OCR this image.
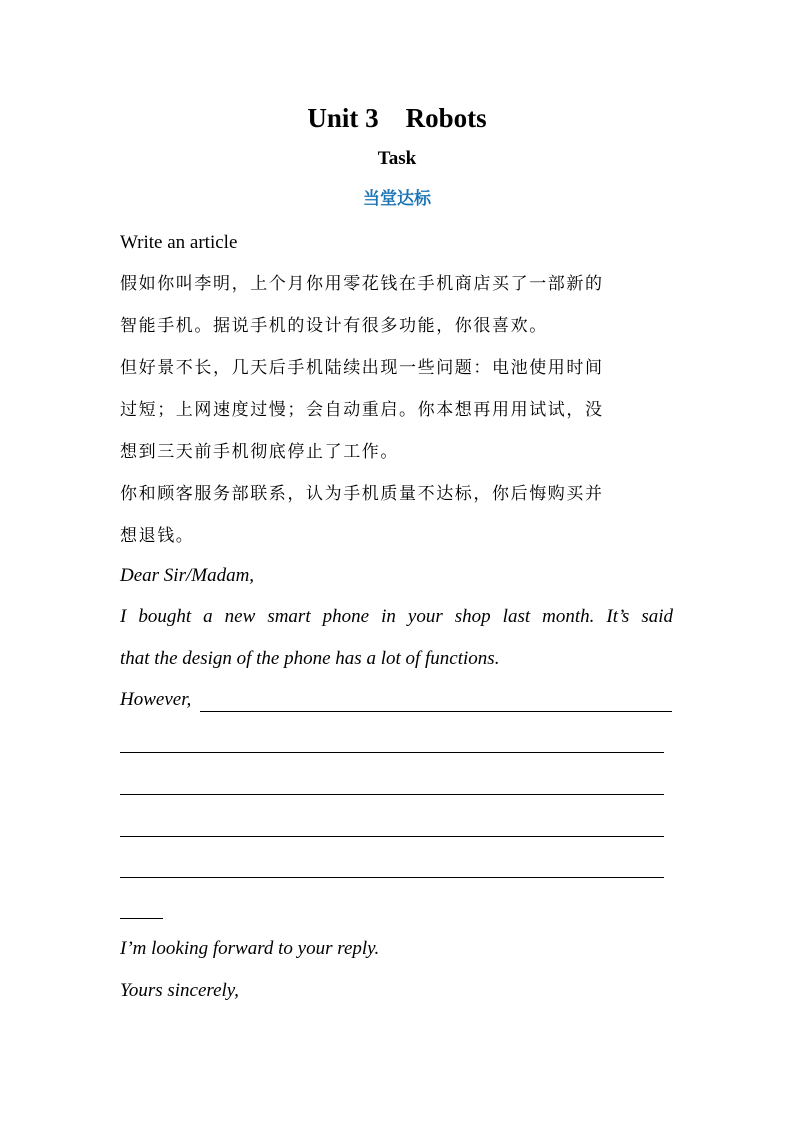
Unit 3    Robots
Task
当堂达标
Write an article
假如你叫李明，上个月你用零花钱在手机商店买了一部新的
智能手机。据说手机的设计有很多功能，你很喜欢。
但好景不长，几天后手机陆续出现一些问题：电池使用时间
过短；上网速度过慢；会自动重启。你本想再用用试试，没
想到三天前手机彻底停止了工作。
你和顾客服务部联系，认为手机质量不达标，你后悔购买并
想退钱。
Dear Sir/Madam,
I bought a new smart phone in your shop last month. It’s said
that the design of the phone has a lot of functions.
However,
I’m looking forward to your reply.
Yours sincerely,
